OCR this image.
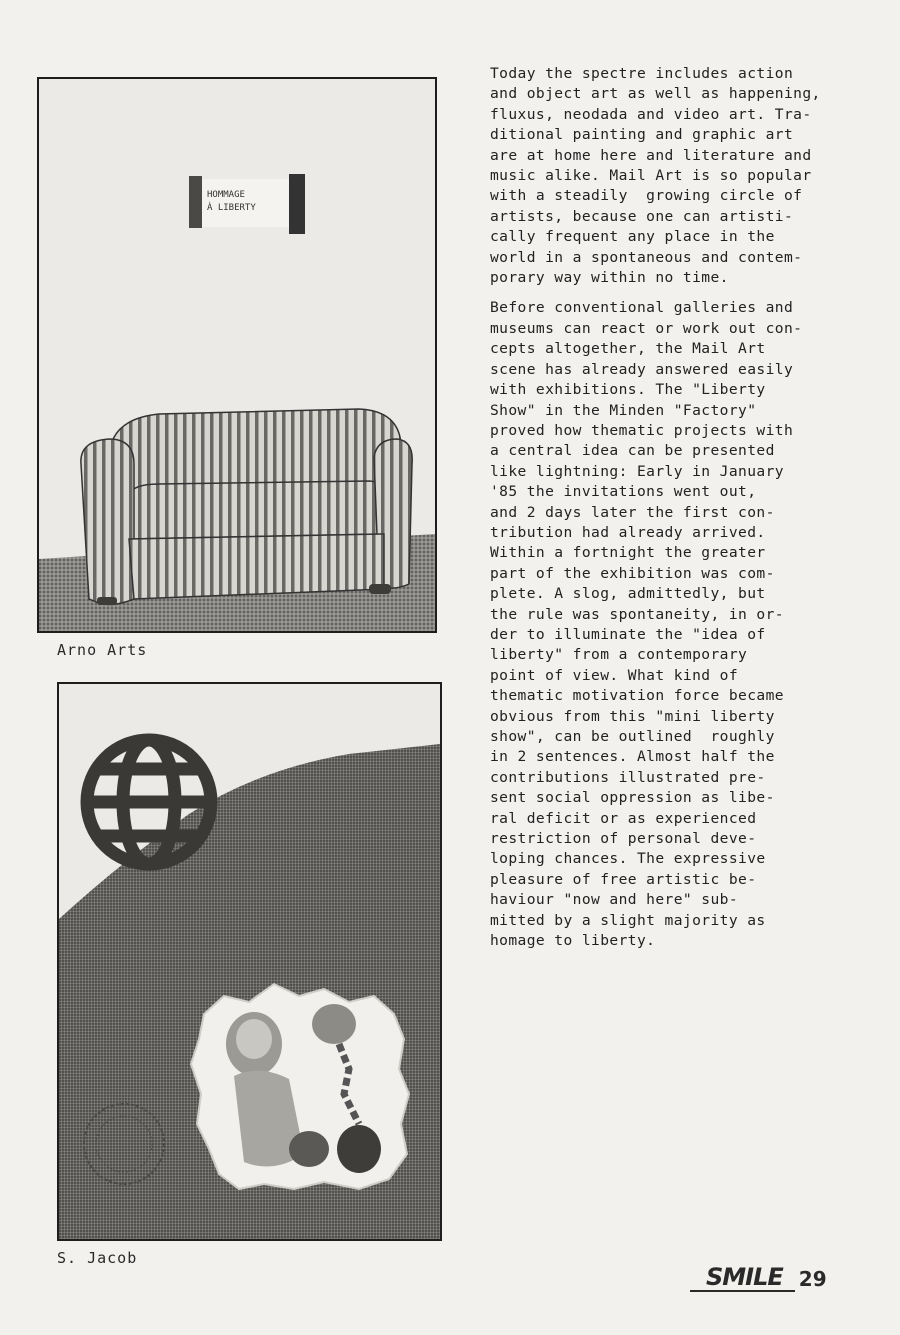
HOMMAGE
À LIBERTY
Arno Arts
S. Jacob

Today the spectre includes action
and object art as well as happening,
fluxus, neodada and video art. Tra-
ditional painting and graphic art
are at home here and literature and
music alike. Mail Art is so popular
with a steadily  growing circle of
artists, because one can artisti-
cally frequent any place in the
world in a spontaneous and contem-
porary way within no time.

Before conventional galleries and
museums can react or work out con-
cepts altogether, the Mail Art
scene has already answered easily
with exhibitions. The "Liberty
Show" in the Minden "Factory"
proved how thematic projects with
a central idea can be presented
like lightning: Early in January
'85 the invitations went out,
and 2 days later the first con-
tribution had already arrived.
Within a fortnight the greater
part of the exhibition was com-
plete. A slog, admittedly, but
the rule was spontaneity, in or-
der to illuminate the "idea of
liberty" from a contemporary
point of view. What kind of
thematic motivation force became
obvious from this "mini liberty
show", can be outlined  roughly
in 2 sentences. Almost half the
contributions illustrated pre-
sent social oppression as libe-
ral deficit or as experienced
restriction of personal deve-
loping chances. The expressive
pleasure of free artistic be-
haviour "now and here" sub-
mitted by a slight majority as
homage to liberty.

SMILE 29
